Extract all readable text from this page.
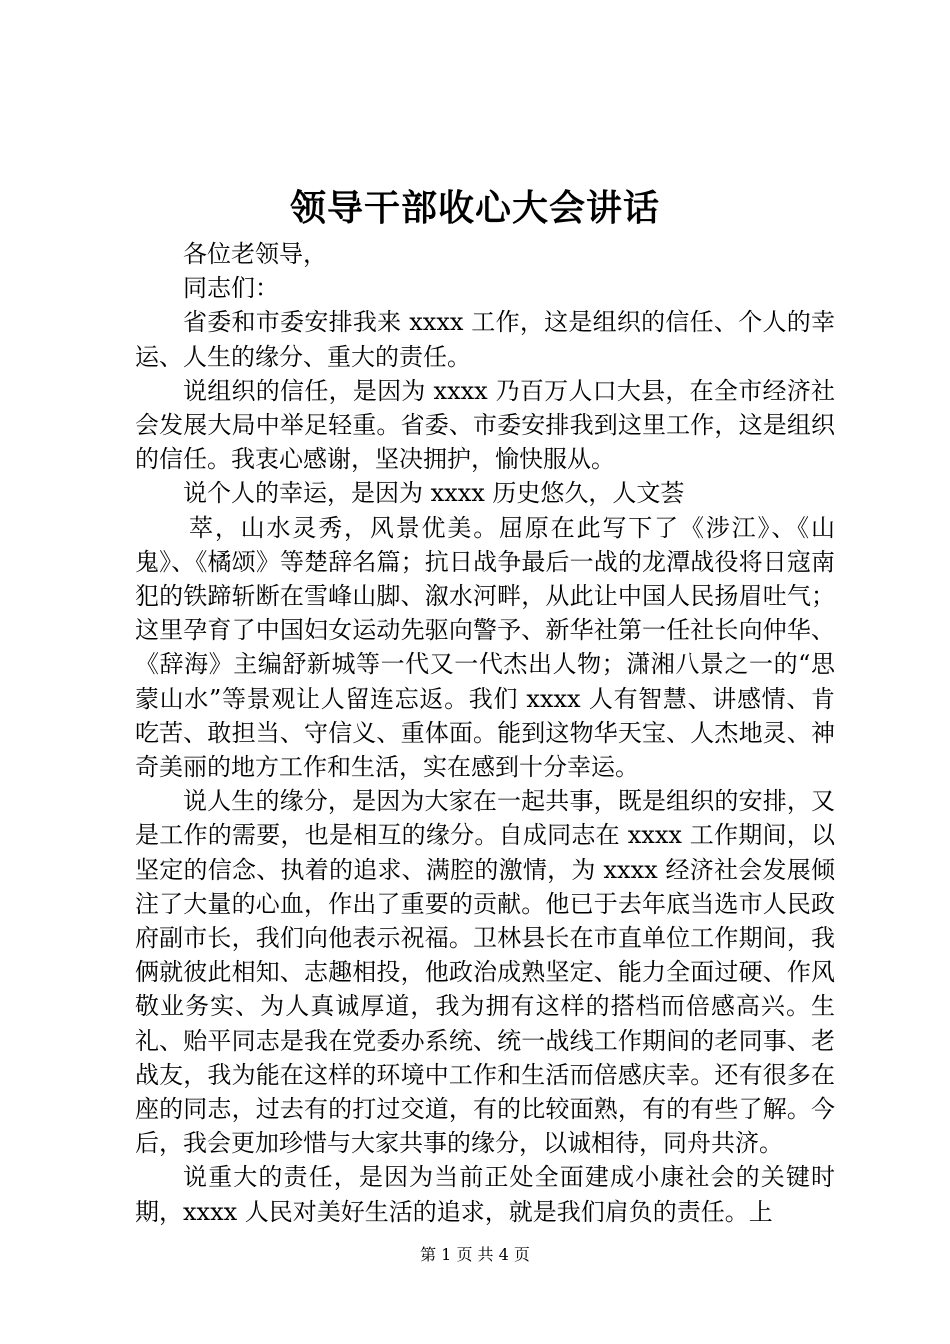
领导干部收心大会讲话

各位老领导，

同志们：

省委和市委安排我来 xxxx 工作，这是组织的信任、个人的幸运、人生的缘分、重大的责任。

说组织的信任，是因为 xxxx 乃百万人口大县，在全市经济社会发展大局中举足轻重。省委、市委安排我到这里工作，这是组织的信任。我衷心感谢，坚决拥护，愉快服从。

说个人的幸运，是因为 xxxx 历史悠久，人文荟

萃，山水灵秀，风景优美。屈原在此写下了《涉江》、《山鬼》、《橘颂》等楚辞名篇；抗日战争最后一战的龙潭战役将日寇南犯的铁蹄斩断在雪峰山脚、溆水河畔，从此让中国人民扬眉吐气；这里孕育了中国妇女运动先驱向警予、新华社第一任社长向仲华、《辞海》主编舒新城等一代又一代杰出人物；潇湘八景之一的“思蒙山水”等景观让人留连忘返。我们 xxxx 人有智慧、讲感情、肯吃苦、敢担当、守信义、重体面。能到这物华天宝、人杰地灵、神奇美丽的地方工作和生活，实在感到十分幸运。

说人生的缘分，是因为大家在一起共事，既是组织的安排，又是工作的需要，也是相互的缘分。自成同志在 xxxx 工作期间，以坚定的信念、执着的追求、满腔的激情，为 xxxx 经济社会发展倾注了大量的心血，作出了重要的贡献。他已于去年底当选市人民政府副市长，我们向他表示祝福。卫林县长在市直单位工作期间，我俩就彼此相知、志趣相投，他政治成熟坚定、能力全面过硬、作风敬业务实、为人真诚厚道，我为拥有这样的搭档而倍感高兴。生礼、贻平同志是我在党委办系统、统一战线工作期间的老同事、老战友，我为能在这样的环境中工作和生活而倍感庆幸。还有很多在座的同志，过去有的打过交道，有的比较面熟，有的有些了解。今后，我会更加珍惜与大家共事的缘分，以诚相待，同舟共济。

说重大的责任，是因为当前正处全面建成小康社会的关键时期，xxxx 人民对美好生活的追求，就是我们肩负的责任。上

第 1 页 共 4 页
